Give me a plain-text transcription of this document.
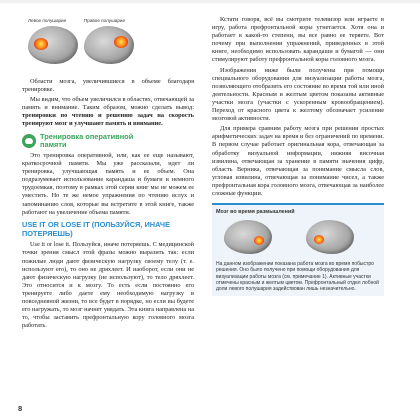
Левое полушарие	Правое полушарие

Области мозга, увеличившиеся в объеме благодаря тренировке.

Мы видим, что объем увеличился в областях, отвечающей за память и внимание. Таким образом, можно сделать вывод: тренировки по чтению и решению задач на скорость тренируют мозг и улучшают память и внимание.

Тренировка оперативной памяти

Это тренировка оперативной, или, как ее еще называют, краткосрочной памяти. Мы уже рассказали, идет ли тренировка, улучшающая память и ее объем. Она подразумевает использование карандаша и бумаги и немного трудоемкая, поэтому в рамках этой серии книг мы не можем ее уместить. Но те же немое упражнения по чтению вслух и запоминанию слов, которые вы встретите в этой книге, также работают на увеличение объема памяти.

USE IT OR LOSE IT (ПОЛЬЗУЙСЯ, ИНАЧЕ ПОТЕРЯЕШЬ)

Use it or lose it. Пользуйся, иначе потеряешь. С медицинской точки зрения смысл этой фразы можно выразить так: если пожилые люди дают физическую нагрузку своему телу (т. е. используют его), то оно не дряхлеет. И наоборот, если они не дают физическую нагрузку (не используют), то тело дряхлеет. Это относится и к мозгу. То есть если постоянно его тренируете либо даете ему необходимую нагрузку в повседневной жизни, то все будет в порядке, но если вы будете его нагружать, то мозг начнет увядать. Эта книга направлена на то, чтобы заставить префронтальную кору головного мозга работать.

Кстати говоря, всё вы смотрите телевизор или играете в игру, работа префронтальной коры угнетается. Хотя она и работает в какой-то степени, вы все равно ее теряете. Вот почему при выполнении упражнений, приведенных в этой книге, необходимо использовать карандаши и бумагой — они стимулируют работу префронтальной коры головного мозга.

Изображения ниже были получены при помощи специального оборудования для визуализации работы мозга, позволяющего отобразить его состояние во время той или иной деятельности. Красным и желтым цветом показаны активные участки мозга (участки с ускоренным кровообращением). Переход от красного цвета к желтому обозначает усиление мозговой активности.

Для примера сравним работу мозга при решении простых арифметических задач на время и без ограничений по времени. В первом случае работает оригинальная кора, отвечающая за обработку визуальной информации, нижняя височная извилина, отвечающая за хранение в памяти значения цифр, область Верника, отвечающая за понимание смысла слов, угловая извилина, отвечающая за понимание чисел, а также префронтальная кора головного мозга, отвечающая за наиболее сложные функции.

Мозг во время размышлений
На данном изображении показана работа мозга во время побыстро решения. Оно было получено при помощи оборудования для визуализации работы мозга (см. примечание 1). Активные участки отмечены красным и желтым цветом. Префронтальный отдел лобной доли левого полушария задействован лишь незначительно.
8
